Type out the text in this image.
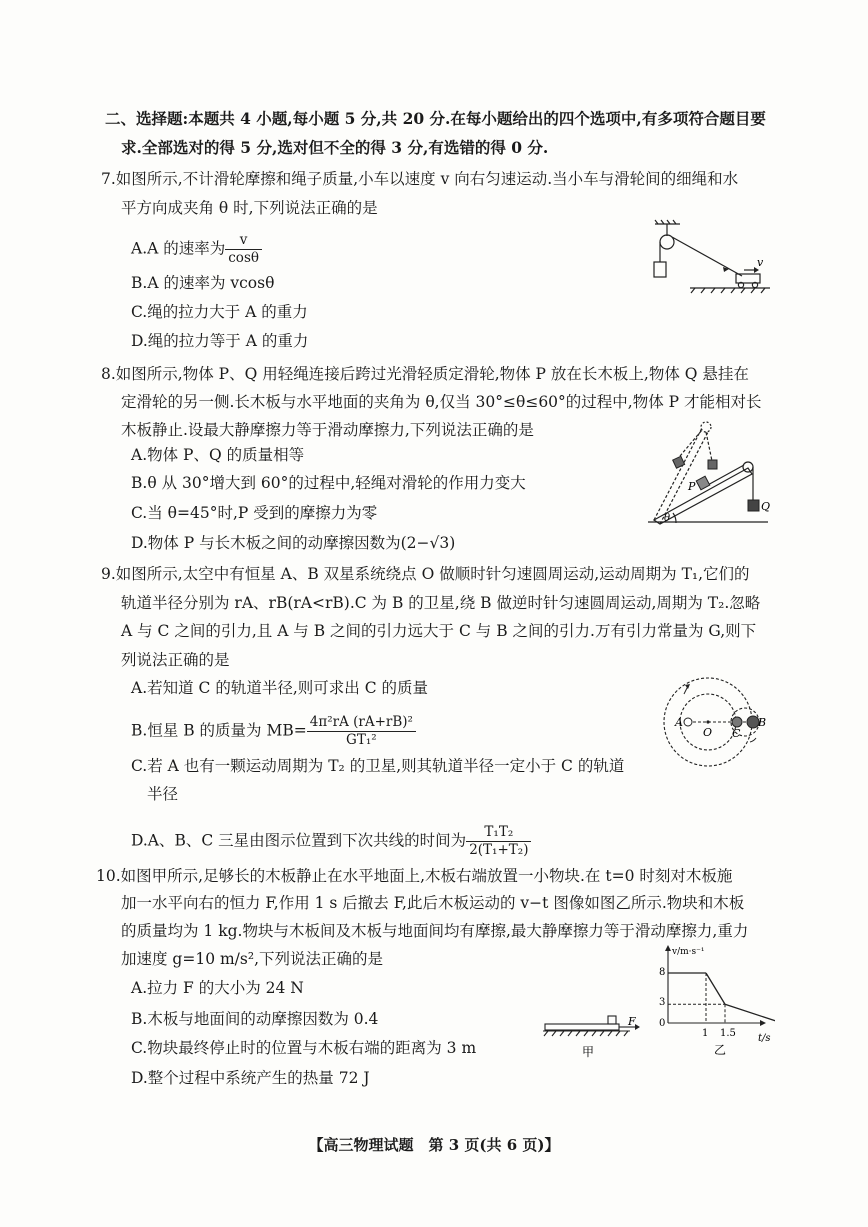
二、选择题:本题共 4 小题,每小题 5 分,共 20 分.在每小题给出的四个选项中,有多项符合题目要
求.全部选对的得 5 分,选对但不全的得 3 分,有选错的得 0 分.
7.如图所示,不计滑轮摩擦和绳子质量,小车以速度 v 向右匀速运动.当小车与滑轮间的细绳和水
平方向成夹角 θ 时,下列说法正确的是
A.A 的速率为 $\frac{v}{\cos\theta}$
B.A 的速率为 vcosθ
C.绳的拉力大于 A 的重力
D.绳的拉力等于 A 的重力
v
8.如图所示,物体 P、Q 用轻绳连接后跨过光滑轻质定滑轮,物体 P 放在长木板上,物体 Q 悬挂在
定滑轮的另一侧.长木板与水平地面的夹角为 θ,仅当 30°≤θ≤60°的过程中,物体 P 才能相对长
木板静止.设最大静摩擦力等于滑动摩擦力,下列说法正确的是
A.物体 P、Q 的质量相等
B.θ 从 30°增大到 60°的过程中,轻绳对滑轮的作用力变大
C.当 θ=45°时,P 受到的摩擦力为零
D.物体 P 与长木板之间的动摩擦因数为(2−√3)
P
Q
θ
9.如图所示,太空中有恒星 A、B 双星系统绕点 O 做顺时针匀速圆周运动,运动周期为 T₁,它们的
轨道半径分别为 rA、rB(rA<rB).C 为 B 的卫星,绕 B 做逆时针匀速圆周运动,周期为 T₂.忽略
A 与 C 之间的引力,且 A 与 B 之间的引力远大于 C 与 B 之间的引力.万有引力常量为 G,则下
列说法正确的是
A.若知道 C 的轨道半径,则可求出 C 的质量
B.恒星 B 的质量为 $MB= \frac{\text{4π²rA (rA+rB)²}}{\text{GT₁²}}$
C.若 A 也有一颗运动周期为 T₂ 的卫星,则其轨道半径一定小于 C 的轨道
半径
D.A、B、C 三星由图示位置到下次共线的时间为 $\frac{\text{T₁T₂}}{\text{2(T₁+T₂)}}$
A
O
B
C
10.如图甲所示,足够长的木板静止在水平地面上,木板右端放置一小物块.在 t=0 时刻对木板施
加一水平向右的恒力 F,作用 1 s 后撤去 F,此后木板运动的 v−t 图像如图乙所示.物块和木板
的质量均为 1 kg.物块与木板间及木板与地面间均有摩擦,最大静摩擦力等于滑动摩擦力,重力
加速度 g=10 m/s²,下列说法正确的是
A.拉力 F 的大小为 24 N
B.木板与地面间的动摩擦因数为 0.4
C.物块最终停止时的位置与木板右端的距离为 3 m
D.整个过程中系统产生的热量 72 J
F
甲
v/m·s⁻¹
t/s
8
3
0
1 1.5
乙
【高三物理试题　第 3 页(共 6 页)】
